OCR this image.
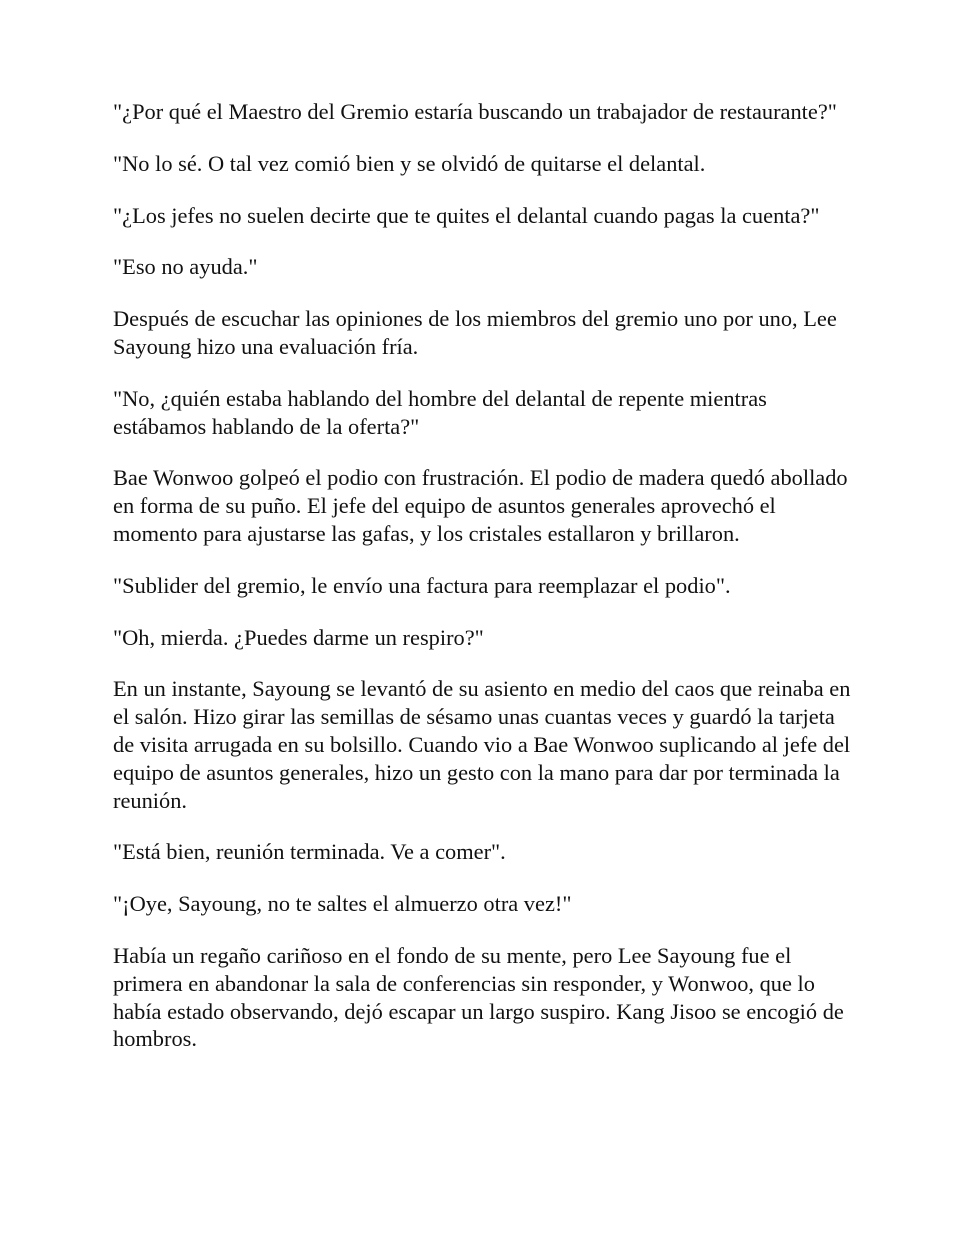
"¿Por qué el Maestro del Gremio estaría buscando un trabajador de restaurante?"

"No lo sé. O tal vez comió bien y se olvidó de quitarse el delantal.

"¿Los jefes no suelen decirte que te quites el delantal cuando pagas la cuenta?"

"Eso no ayuda."

Después de escuchar las opiniones de los miembros del gremio uno por uno, Lee Sayoung hizo una evaluación fría.

"No, ¿quién estaba hablando del hombre del delantal de repente mientras estábamos hablando de la oferta?"

Bae Wonwoo golpeó el podio con frustración. El podio de madera quedó abollado en forma de su puño. El jefe del equipo de asuntos generales aprovechó el momento para ajustarse las gafas, y los cristales estallaron y brillaron.

"Sublider del gremio, le envío una factura para reemplazar el podio".

"Oh, mierda. ¿Puedes darme un respiro?"

En un instante, Sayoung se levantó de su asiento en medio del caos que reinaba en el salón. Hizo girar las semillas de sésamo unas cuantas veces y guardó la tarjeta de visita arrugada en su bolsillo. Cuando vio a Bae Wonwoo suplicando al jefe del equipo de asuntos generales, hizo un gesto con la mano para dar por terminada la reunión.

"Está bien, reunión terminada. Ve a comer".

"¡Oye, Sayoung, no te saltes el almuerzo otra vez!"

Había un regaño cariñoso en el fondo de su mente, pero Lee Sayoung fue el primera en abandonar la sala de conferencias sin responder, y Wonwoo, que lo había estado observando, dejó escapar un largo suspiro. Kang Jisoo se encogió de hombros.
